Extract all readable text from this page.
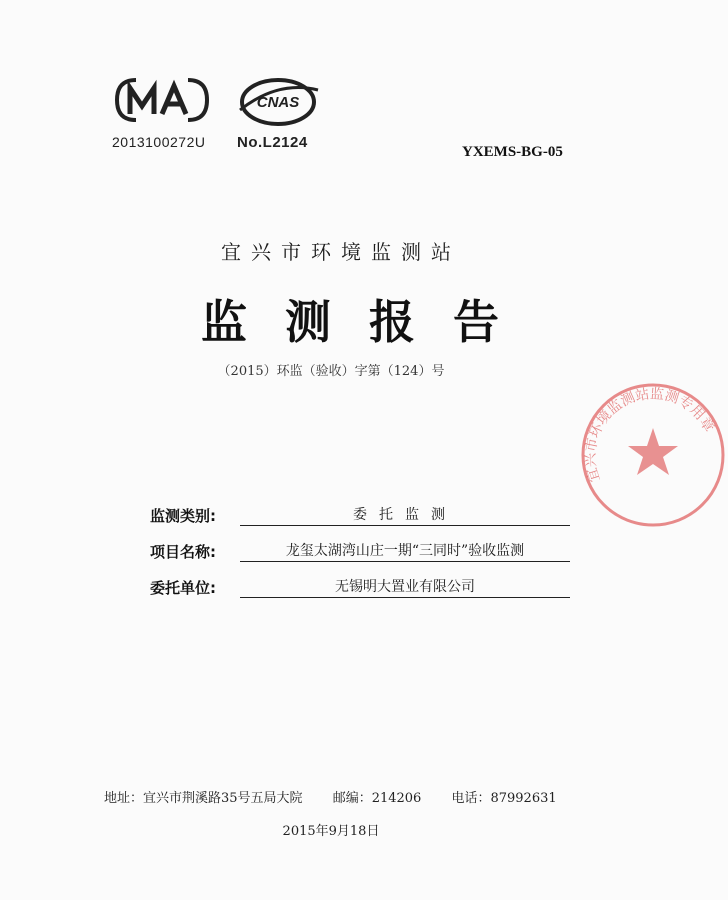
2013100272U
CNAS
No.L2124
YXEMS-BG-05
宜兴市环境监测站
监测报告
（2015）环监（验收）字第（124）号
监测类别:	委托监测
项目名称:	龙玺太湖湾山庄一期“三同时”验收监测
委托单位:	无锡明大置业有限公司
宜兴市环境监测站监测专用章
地址：宜兴市荆溪路35号五局大院 邮编：214206 电话：87992631
2015年9月18日
